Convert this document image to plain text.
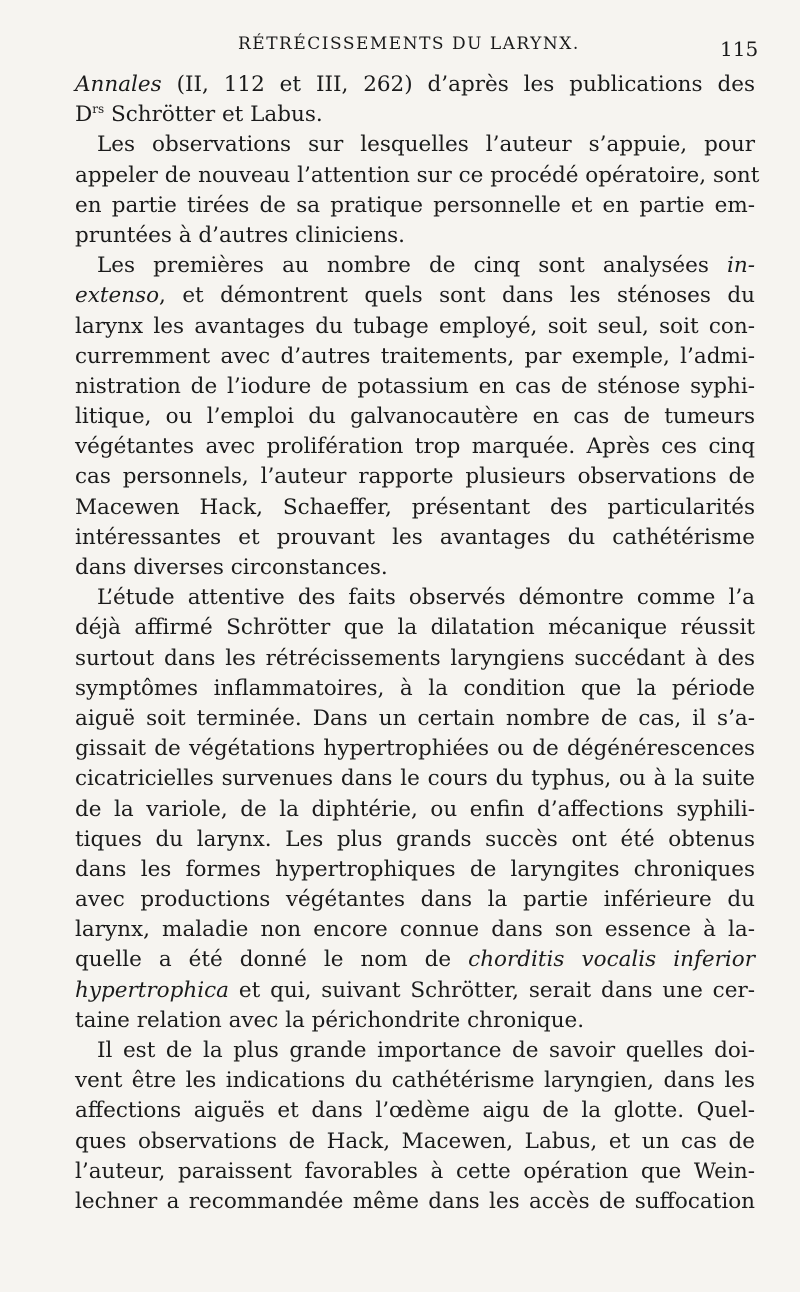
RÉTRÉCISSEMENTS DU LARYNX.	115
Annales (II, 112 et III, 262) d’après les publications des
$D^{rs}$ Schrötter et Labus.
Les observations sur lesquelles l’auteur s’appuie, pour
appeler de nouveau l’attention sur ce procédé opératoire, sont
en partie tirées de sa pratique personnelle et en partie em-
pruntées à d’autres cliniciens.
Les premières au nombre de cinq sont analysées in-
extenso, et démontrent quels sont dans les sténoses du
larynx les avantages du tubage employé, soit seul, soit con-
curremment avec d’autres traitements, par exemple, l’admi-
nistration de l’iodure de potassium en cas de sténose syphi-
litique, ou l’emploi du galvanocautère en cas de tumeurs
végétantes avec prolifération trop marquée. Après ces cinq
cas personnels, l’auteur rapporte plusieurs observations de
Macewen Hack, Schaeffer, présentant des particularités
intéressantes et prouvant les avantages du cathétérisme
dans diverses circonstances.
L’étude attentive des faits observés démontre comme l’a
déjà affirmé Schrötter que la dilatation mécanique réussit
surtout dans les rétrécissements laryngiens succédant à des
symptômes inflammatoires, à la condition que la période
aiguë soit terminée. Dans un certain nombre de cas, il s’a-
gissait de végétations hypertrophiées ou de dégénérescences
cicatricielles survenues dans le cours du typhus, ou à la suite
de la variole, de la diphtérie, ou enfin d’affections syphili-
tiques du larynx. Les plus grands succès ont été obtenus
dans les formes hypertrophiques de laryngites chroniques
avec productions végétantes dans la partie inférieure du
larynx, maladie non encore connue dans son essence à la-
quelle a été donné le nom de chorditis vocalis inferior
hypertrophica et qui, suivant Schrötter, serait dans une cer-
taine relation avec la périchondrite chronique.
Il est de la plus grande importance de savoir quelles doi-
vent être les indications du cathétérisme laryngien, dans les
affections aiguës et dans l’œdème aigu de la glotte. Quel-
ques observations de Hack, Macewen, Labus, et un cas de
l’auteur, paraissent favorables à cette opération que Wein-
lechner a recommandée même dans les accès de suffocation
